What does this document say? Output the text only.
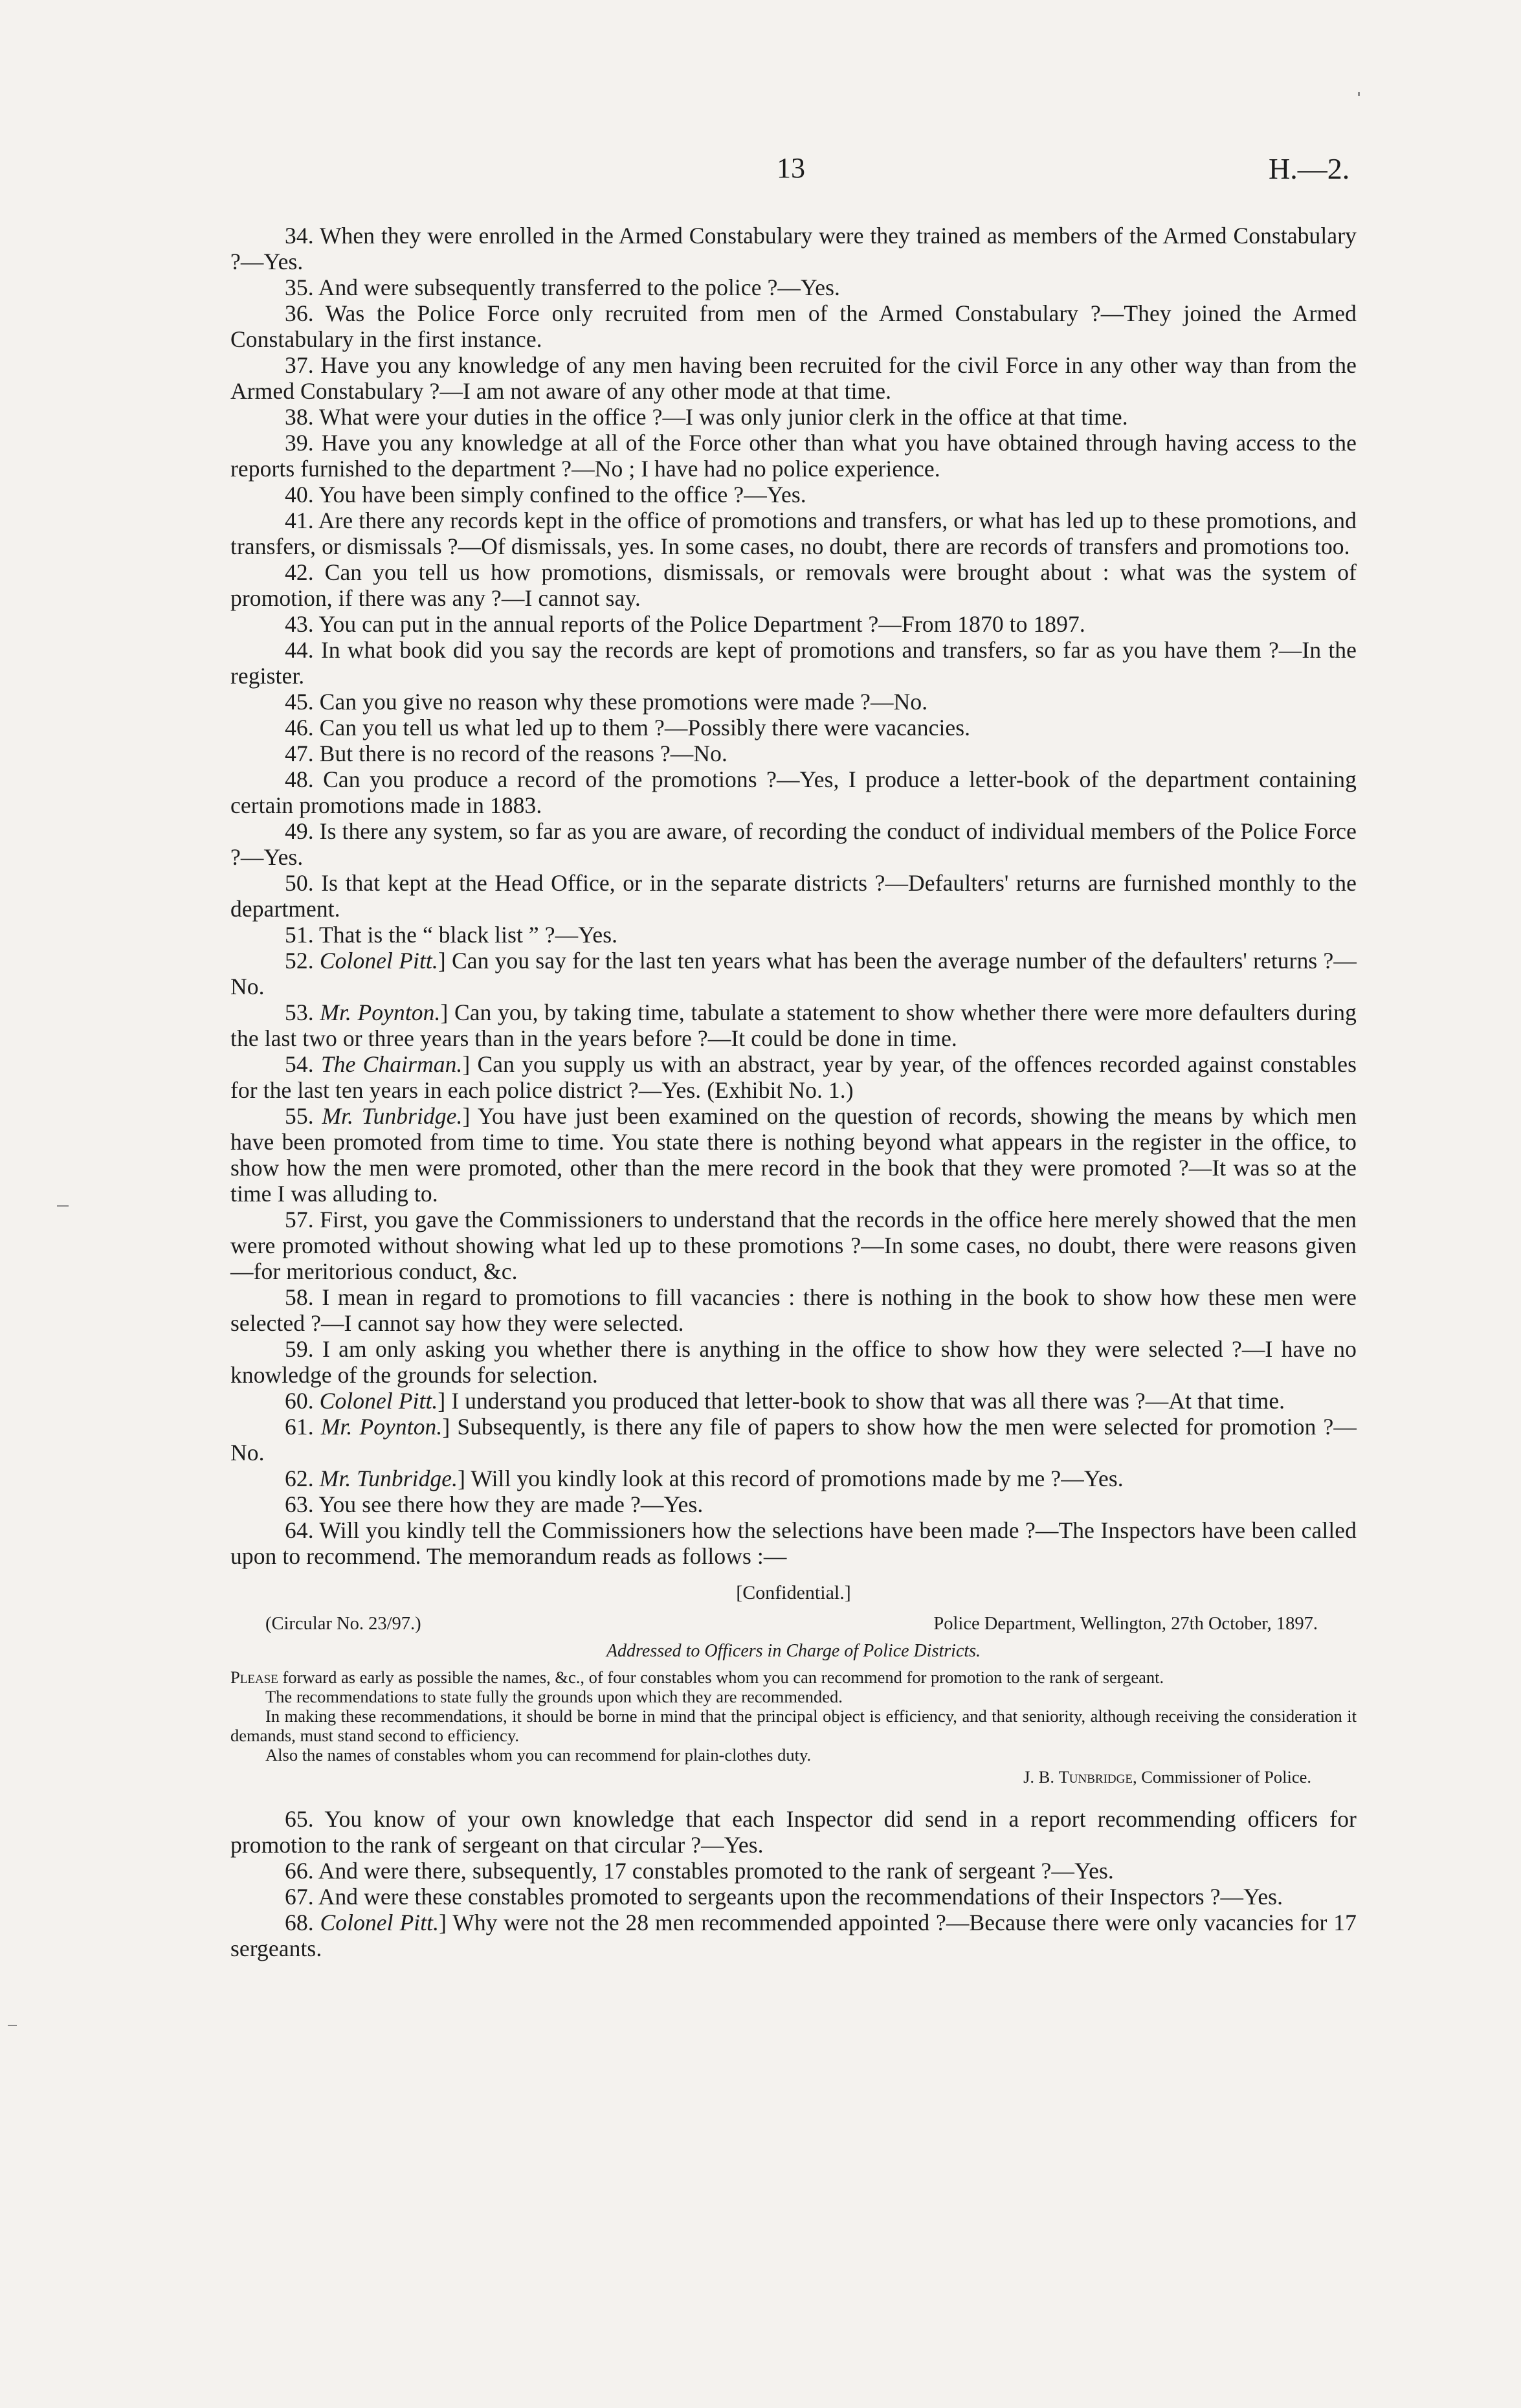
13	H.—2.

34. When they were enrolled in the Armed Constabulary were they trained as members of the Armed Constabulary ?—Yes.

35. And were subsequently transferred to the police ?—Yes.

36. Was the Police Force only recruited from men of the Armed Constabulary ?—They joined the Armed Constabulary in the first instance.

37. Have you any knowledge of any men having been recruited for the civil Force in any other way than from the Armed Constabulary ?—I am not aware of any other mode at that time.

38. What were your duties in the office ?—I was only junior clerk in the office at that time.

39. Have you any knowledge at all of the Force other than what you have obtained through having access to the reports furnished to the department ?—No ; I have had no police experience.

40. You have been simply confined to the office ?—Yes.

41. Are there any records kept in the office of promotions and transfers, or what has led up to these promotions, and transfers, or dismissals ?—Of dismissals, yes. In some cases, no doubt, there are records of transfers and promotions too.

42. Can you tell us how promotions, dismissals, or removals were brought about : what was the system of promotion, if there was any ?—I cannot say.

43. You can put in the annual reports of the Police Department ?—From 1870 to 1897.

44. In what book did you say the records are kept of promotions and transfers, so far as you have them ?—In the register.

45. Can you give no reason why these promotions were made ?—No.

46. Can you tell us what led up to them ?—Possibly there were vacancies.

47. But there is no record of the reasons ?—No.

48. Can you produce a record of the promotions ?—Yes, I produce a letter-book of the department containing certain promotions made in 1883.

49. Is there any system, so far as you are aware, of recording the conduct of individual members of the Police Force ?—Yes.

50. Is that kept at the Head Office, or in the separate districts ?—Defaulters' returns are furnished monthly to the department.

51. That is the “ black list ” ?—Yes.

52. Colonel Pitt.] Can you say for the last ten years what has been the average number of the defaulters' returns ?—No.

53. Mr. Poynton.] Can you, by taking time, tabulate a statement to show whether there were more defaulters during the last two or three years than in the years before ?—It could be done in time.

54. The Chairman.] Can you supply us with an abstract, year by year, of the offences recorded against constables for the last ten years in each police district ?—Yes. (Exhibit No. 1.)

55. Mr. Tunbridge.] You have just been examined on the question of records, showing the means by which men have been promoted from time to time. You state there is nothing beyond what appears in the register in the office, to show how the men were promoted, other than the mere record in the book that they were promoted ?—It was so at the time I was alluding to.

57. First, you gave the Commissioners to understand that the records in the office here merely showed that the men were promoted without showing what led up to these promotions ?—In some cases, no doubt, there were reasons given—for meritorious conduct, &c.

58. I mean in regard to promotions to fill vacancies : there is nothing in the book to show how these men were selected ?—I cannot say how they were selected.

59. I am only asking you whether there is anything in the office to show how they were selected ?—I have no knowledge of the grounds for selection.

60. Colonel Pitt.] I understand you produced that letter-book to show that was all there was ?—At that time.

61. Mr. Poynton.] Subsequently, is there any file of papers to show how the men were selected for promotion ?—No.

62. Mr. Tunbridge.] Will you kindly look at this record of promotions made by me ?—Yes.

63. You see there how they are made ?—Yes.

64. Will you kindly tell the Commissioners how the selections have been made ?—The Inspectors have been called upon to recommend. The memorandum reads as follows :—

[Confidential.]
(Circular No. 23/97.)	Police Department, Wellington, 27th October, 1897.
Addressed to Officers in Charge of Police Districts.

Please forward as early as possible the names, &c., of four constables whom you can recommend for promotion to the rank of sergeant.

The recommendations to state fully the grounds upon which they are recommended.

In making these recommendations, it should be borne in mind that the principal object is efficiency, and that seniority, although receiving the consideration it demands, must stand second to efficiency.

Also the names of constables whom you can recommend for plain-clothes duty.

J. B. Tunbridge, Commissioner of Police.

65. You know of your own knowledge that each Inspector did send in a report recommending officers for promotion to the rank of sergeant on that circular ?—Yes.

66. And were there, subsequently, 17 constables promoted to the rank of sergeant ?—Yes.

67. And were these constables promoted to sergeants upon the recommendations of their Inspectors ?—Yes.

68. Colonel Pitt.] Why were not the 28 men recommended appointed ?—Because there were only vacancies for 17 sergeants.
